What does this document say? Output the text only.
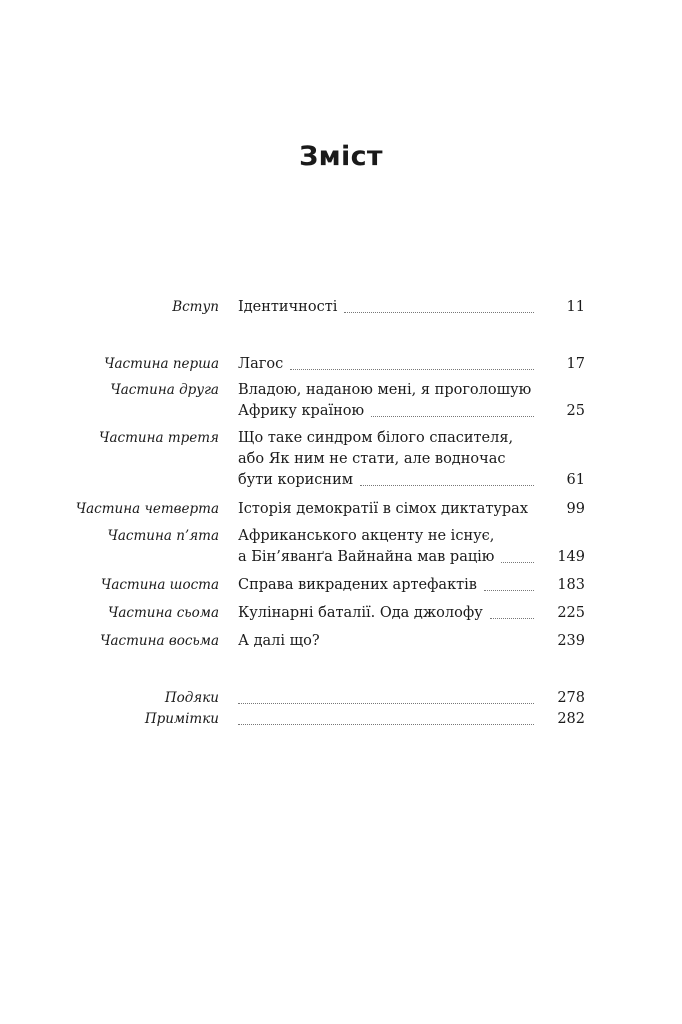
Зміст
Вступ Ідентичності	11
Частина перша Лагос	17
Частина друга Владою, наданою мені, я проголошую
Африку країною	25
Частина третя Що таке синдром білого спасителя,
або Як ним не стати, але водночас
бути корисним	61
Частина четверта Історія демократії в сімох диктатурах	99
Частина п’ята Африканського акценту не існує,
а Бін’яванґа Вайнайна мав рацію	149
Частина шоста Справа викрадених артефактів	183
Частина сьома Кулінарні баталії. Ода джолофу	225
Частина восьма А далі що?	239
Подяки	278
Примітки	282
